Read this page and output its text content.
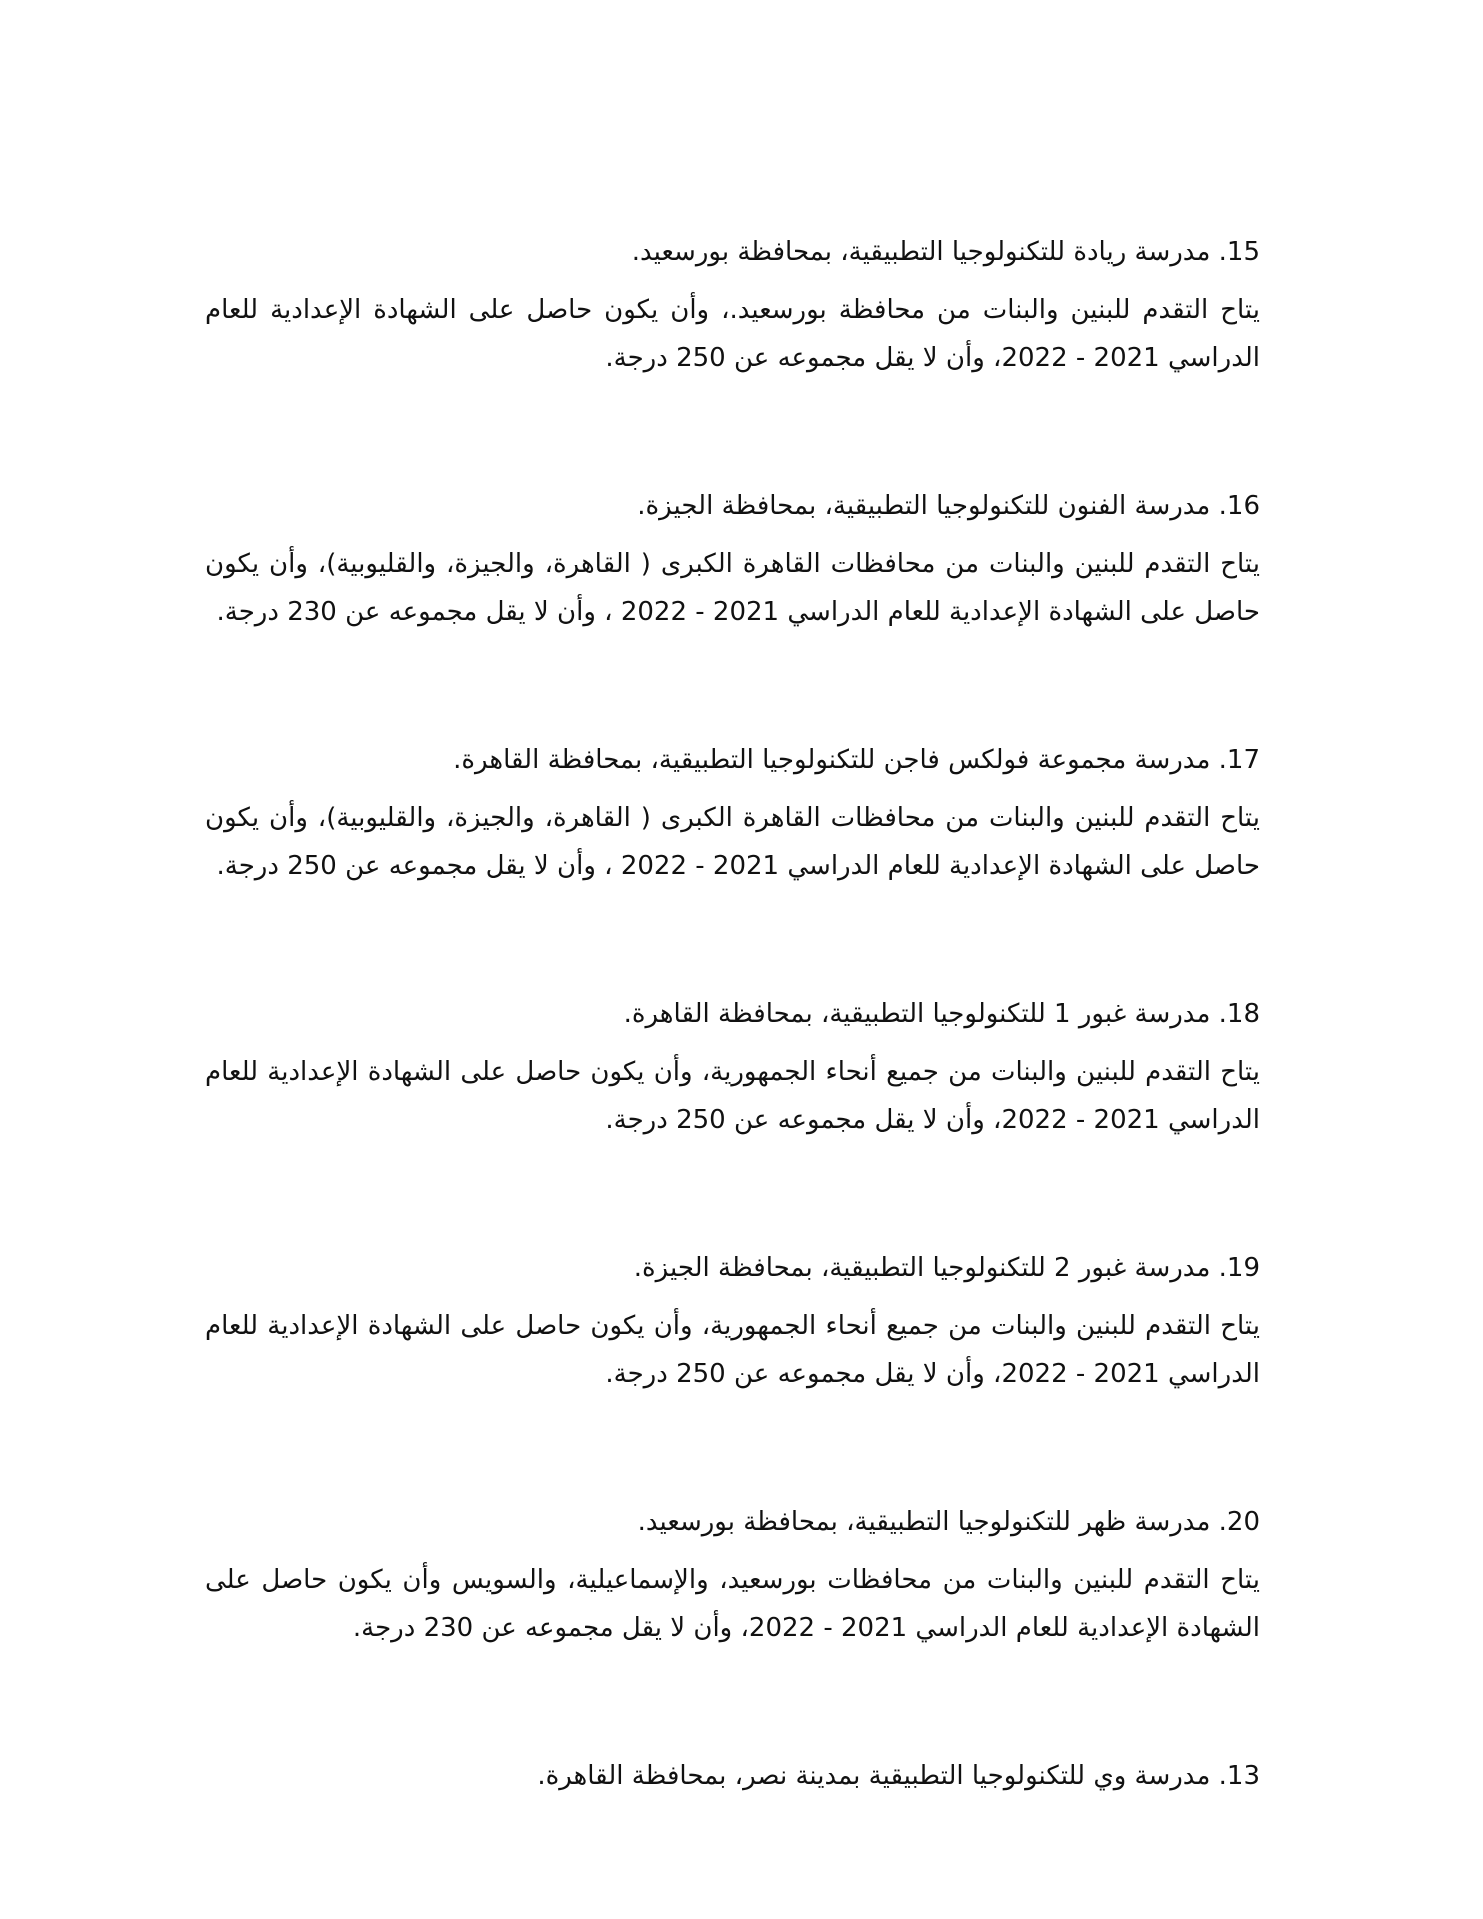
15. مدرسة ريادة للتكنولوجيا التطبيقية، بمحافظة بورسعيد.

يتاح التقدم للبنين والبنات من محافظة بورسعيد.، وأن يكون حاصل على الشهادة الإعدادية للعام الدراسي 2021 - 2022، وأن لا يقل مجموعه عن 250 درجة.

16. مدرسة الفنون للتكنولوجيا التطبيقية، بمحافظة الجيزة.

يتاح التقدم للبنين والبنات من محافظات القاهرة الكبرى ( القاهرة، والجيزة، والقليوبية)، وأن يكون حاصل على الشهادة الإعدادية للعام الدراسي 2021 - 2022 ، وأن لا يقل مجموعه عن 230 درجة.

17. مدرسة مجموعة فولكس فاجن للتكنولوجيا التطبيقية، بمحافظة القاهرة.

يتاح التقدم للبنين والبنات من محافظات القاهرة الكبرى ( القاهرة، والجيزة، والقليوبية)، وأن يكون حاصل على الشهادة الإعدادية للعام الدراسي 2021 - 2022 ، وأن لا يقل مجموعه عن 250 درجة.

18. مدرسة غبور 1 للتكنولوجيا التطبيقية، بمحافظة القاهرة.

يتاح التقدم للبنين والبنات من جميع أنحاء الجمهورية، وأن يكون حاصل على الشهادة الإعدادية للعام الدراسي 2021 - 2022، وأن لا يقل مجموعه عن 250 درجة.

19. مدرسة غبور 2 للتكنولوجيا التطبيقية، بمحافظة الجيزة.

يتاح التقدم للبنين والبنات من جميع أنحاء الجمهورية، وأن يكون حاصل على الشهادة الإعدادية للعام الدراسي 2021 - 2022، وأن لا يقل مجموعه عن 250 درجة.

20. مدرسة ظهر للتكنولوجيا التطبيقية، بمحافظة بورسعيد.

يتاح التقدم للبنين والبنات من محافظات بورسعيد، والإسماعيلية، والسويس وأن يكون حاصل على الشهادة الإعدادية للعام الدراسي 2021 - 2022، وأن لا يقل مجموعه عن 230 درجة.

13. مدرسة وي للتكنولوجيا التطبيقية بمدينة نصر، بمحافظة القاهرة.
